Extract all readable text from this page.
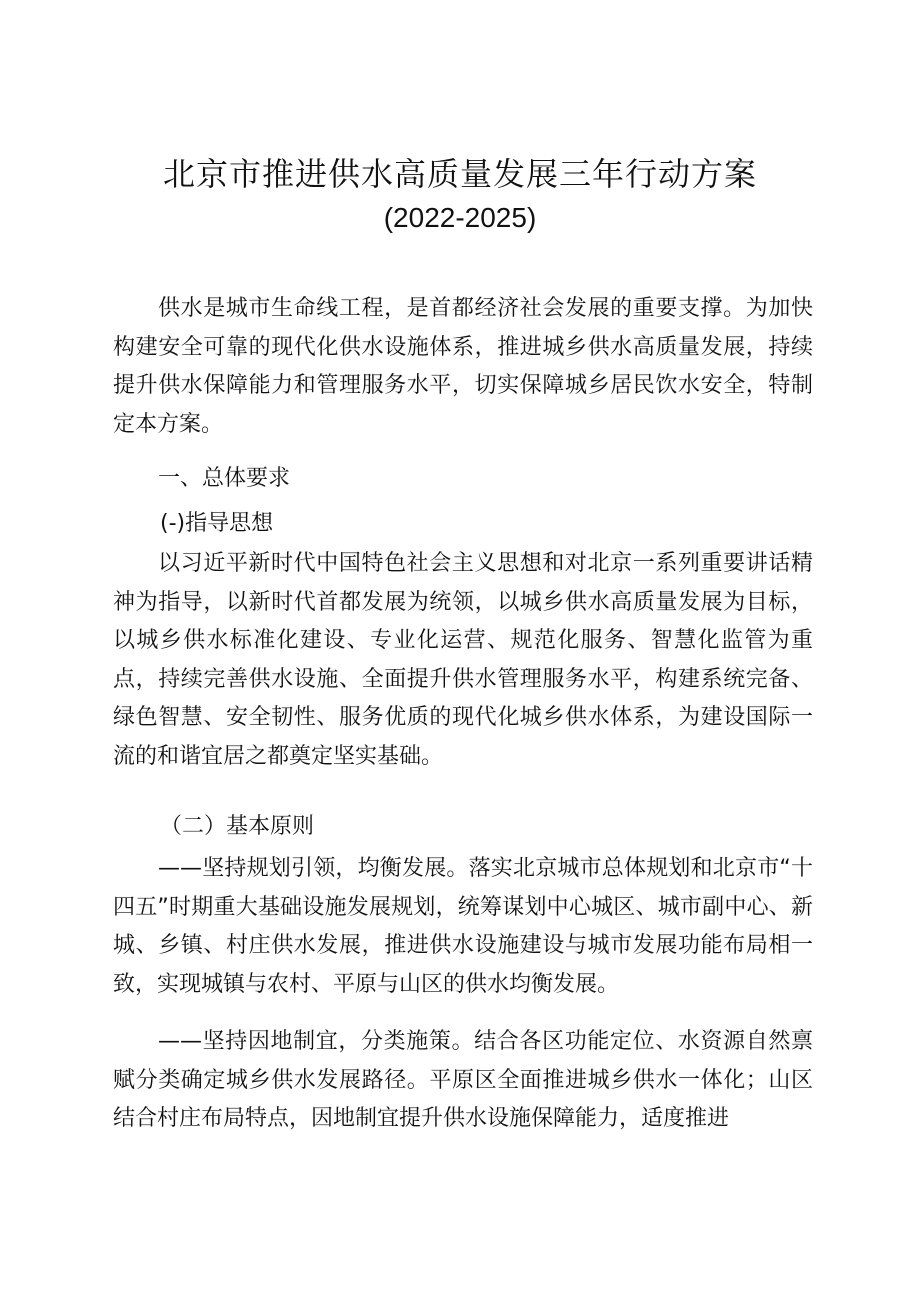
北京市推进供水高质量发展三年行动方案
(2022-2025)
供水是城市生命线工程，是首都经济社会发展的重要支撑。为加快构建安全可靠的现代化供水设施体系，推进城乡供水高质量发展，持续提升供水保障能力和管理服务水平，切实保障城乡居民饮水安全，特制定本方案。
一、总体要求
(-)指导思想
以习近平新时代中国特色社会主义思想和对北京一系列重要讲话精神为指导，以新时代首都发展为统领，以城乡供水高质量发展为目标，以城乡供水标准化建设、专业化运营、规范化服务、智慧化监管为重点，持续完善供水设施、全面提升供水管理服务水平，构建系统完备、绿色智慧、安全韧性、服务优质的现代化城乡供水体系，为建设国际一流的和谐宜居之都奠定坚实基础。
（二）基本原则
——坚持规划引领，均衡发展。落实北京城市总体规划和北京市“十四五”时期重大基础设施发展规划，统筹谋划中心城区、城市副中心、新城、乡镇、村庄供水发展，推进供水设施建设与城市发展功能布局相一致，实现城镇与农村、平原与山区的供水均衡发展。
——坚持因地制宜，分类施策。结合各区功能定位、水资源自然禀赋分类确定城乡供水发展路径。平原区全面推进城乡供水一体化；山区结合村庄布局特点，因地制宜提升供水设施保障能力，适度推进
